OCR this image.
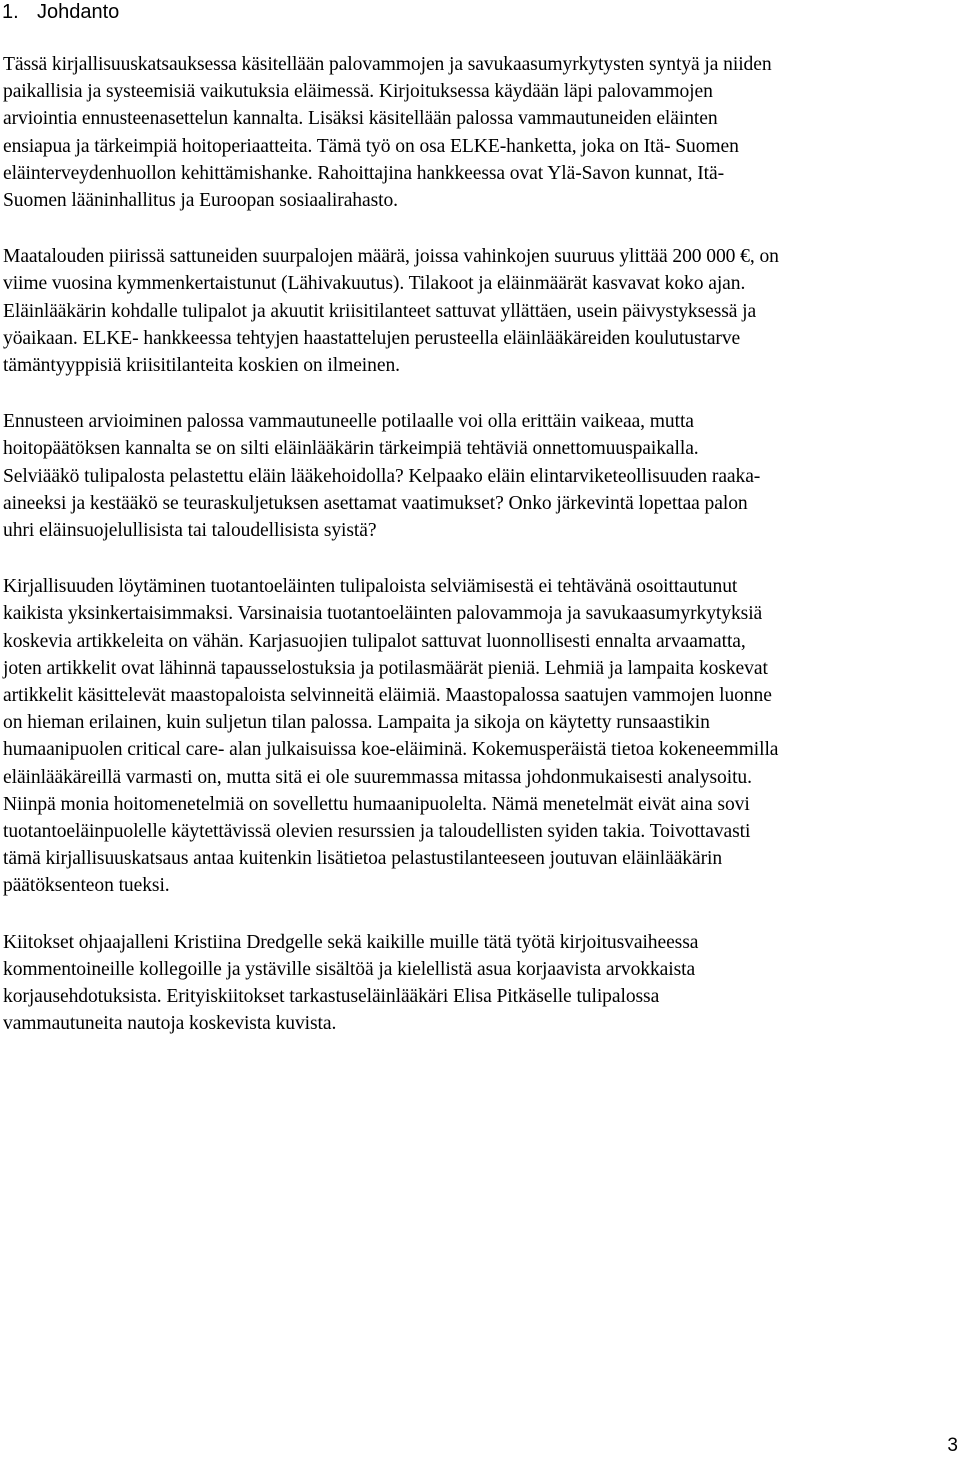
1. Johdanto

Tässä kirjallisuuskatsauksessa käsitellään palovammojen ja savukaasumyrkytysten syntyä ja niiden
paikallisia ja systeemisiä vaikutuksia eläimessä. Kirjoituksessa käydään läpi palovammojen
arviointia ennusteenasettelun kannalta. Lisäksi käsitellään palossa vammautuneiden eläinten
ensiapua ja tärkeimpiä hoitoperiaatteita. Tämä työ on osa ELKE-hanketta, joka on Itä- Suomen
eläinterveydenhuollon kehittämishanke. Rahoittajina hankkeessa ovat Ylä-Savon kunnat, Itä-
Suomen lääninhallitus ja Euroopan sosiaalirahasto.

Maatalouden piirissä sattuneiden suurpalojen määrä, joissa vahinkojen suuruus ylittää 200 000 €, on
viime vuosina kymmenkertaistunut (Lähivakuutus). Tilakoot ja eläinmäärät kasvavat koko ajan.
Eläinlääkärin kohdalle tulipalot ja akuutit kriisitilanteet sattuvat yllättäen, usein päivystyksessä ja
yöaikaan. ELKE- hankkeessa tehtyjen haastattelujen perusteella eläinlääkäreiden koulutustarve
tämäntyyppisiä kriisitilanteita koskien on ilmeinen.

Ennusteen arvioiminen palossa vammautuneelle potilaalle voi olla erittäin vaikeaa, mutta
hoitopäätöksen kannalta se on silti eläinlääkärin tärkeimpiä tehtäviä onnettomuuspaikalla.
Selviääkö tulipalosta pelastettu eläin lääkehoidolla? Kelpaako eläin elintarviketeollisuuden raaka-
aineeksi ja kestääkö se teuraskuljetuksen asettamat vaatimukset? Onko järkevintä lopettaa palon
uhri eläinsuojelullisista tai taloudellisista syistä?

Kirjallisuuden löytäminen tuotantoeläinten tulipaloista selviämisestä ei tehtävänä osoittautunut
kaikista yksinkertaisimmaksi. Varsinaisia tuotantoeläinten palovammoja ja savukaasumyrkytyksiä
koskevia artikkeleita on vähän. Karjasuojien tulipalot sattuvat luonnollisesti ennalta arvaamatta,
joten artikkelit ovat lähinnä tapausselostuksia ja potilasmäärät pieniä. Lehmiä ja lampaita koskevat
artikkelit käsittelevät maastopaloista selvinneitä eläimiä. Maastopalossa saatujen vammojen luonne
on hieman erilainen, kuin suljetun tilan palossa. Lampaita ja sikoja on käytetty runsaastikin
humaanipuolen critical care- alan julkaisuissa koe-eläiminä. Kokemusperäistä tietoa kokeneemmilla
eläinlääkäreillä varmasti on, mutta sitä ei ole suuremmassa mitassa johdonmukaisesti analysoitu.
Niinpä monia hoitomenetelmiä on sovellettu humaanipuolelta. Nämä menetelmät eivät aina sovi
tuotantoeläinpuolelle käytettävissä olevien resurssien ja taloudellisten syiden takia. Toivottavasti
tämä kirjallisuuskatsaus antaa kuitenkin lisätietoa pelastustilanteeseen joutuvan eläinlääkärin
päätöksenteon tueksi.

Kiitokset ohjaajalleni Kristiina Dredgelle sekä kaikille muille tätä työtä kirjoitusvaiheessa
kommentoineille kollegoille ja ystäville sisältöä ja kielellistä asua korjaavista arvokkaista
korjausehdotuksista. Erityiskiitokset tarkastuseläinlääkäri Elisa Pitkäselle tulipalossa
vammautuneita nautoja koskevista kuvista.

3
